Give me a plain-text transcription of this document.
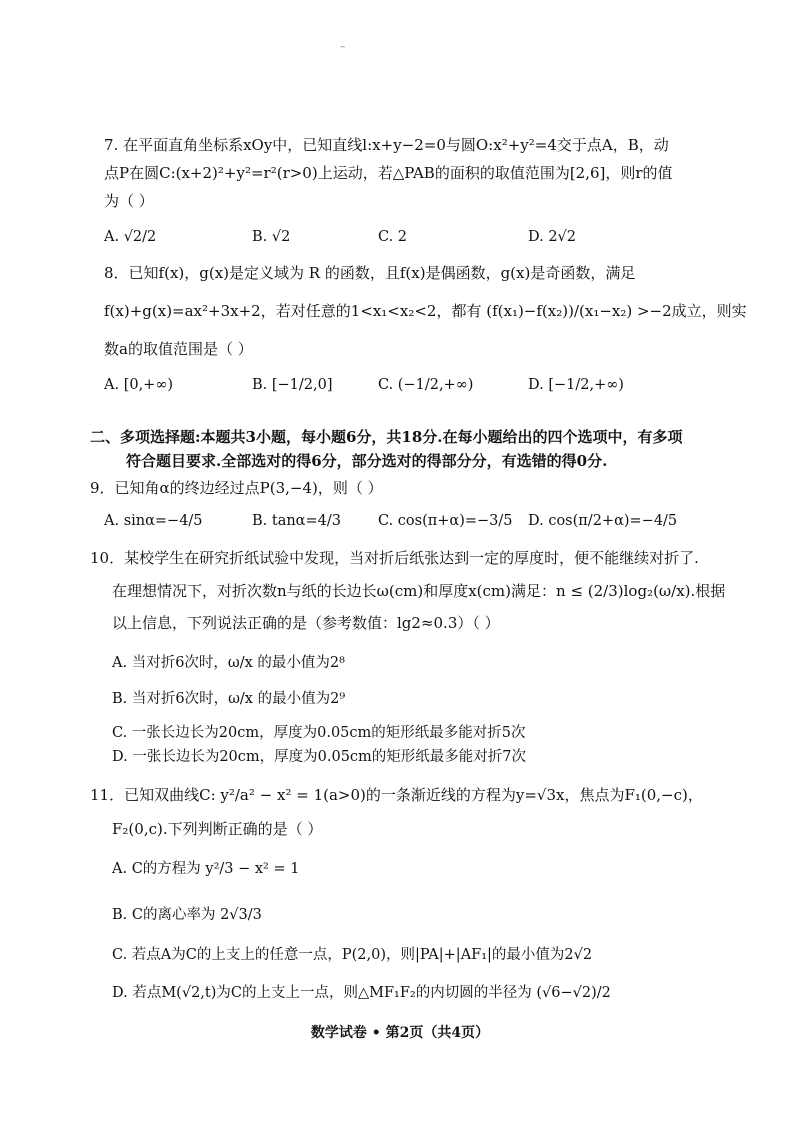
–
7. 在平面直角坐标系xOy中，已知直线l:x+y−2=0与圆O:x²+y²=4交于点A，B，动
点P在圆C:(x+2)²+y²=r²(r>0)上运动，若△PAB的面积的取值范围为[2,6]，则r的值
为（ ）
A. √2/2	B. √2	C. 2	D. 2√2
8．已知f(x)，g(x)是定义域为 R 的函数，且f(x)是偶函数，g(x)是奇函数，满足
f(x)+g(x)=ax²+3x+2，若对任意的1<x₁<x₂<2，都有 (f(x₁)−f(x₂))/(x₁−x₂) >−2成立，则实
数a的取值范围是（ ）
A. [0,+∞)	B. [−1/2,0]	C. (−1/2,+∞)	D. [−1/2,+∞)
二、多项选择题:本题共3小题，每小题6分，共18分.在每小题给出的四个选项中，有多项
符合题目要求.全部选对的得6分，部分选对的得部分分，有选错的得0分.
9．已知角α的终边经过点P(3,−4)，则（ ）
A. sinα=−4/5	B. tanα=4/3	C. cos(π+α)=−3/5 D. cos(π/2+α)=−4/5
10．某校学生在研究折纸试验中发现，当对折后纸张达到一定的厚度时，便不能继续对折了.
在理想情况下，对折次数n与纸的长边长ω(cm)和厚度x(cm)满足：n ≤ (2/3)log₂(ω/x).根据
以上信息，下列说法正确的是（参考数值：lg2≈0.3）（ ）
A. 当对折6次时，ω/x 的最小值为2⁸
B. 当对折6次时，ω/x 的最小值为2⁹
C. 一张长边长为20cm，厚度为0.05cm的矩形纸最多能对折5次
D. 一张长边长为20cm，厚度为0.05cm的矩形纸最多能对折7次
11．已知双曲线C: y²/a² − x² = 1(a>0)的一条渐近线的方程为y=√3x，焦点为F₁(0,−c)，
F₂(0,c).下列判断正确的是（ ）
A. C的方程为 y²/3 − x² = 1
B. C的离心率为 2√3/3
C. 若点A为C的上支上的任意一点，P(2,0)，则|PA|+|AF₁|的最小值为2√2
D. 若点M(√2,t)为C的上支上一点，则△MF₁F₂的内切圆的半径为 (√6−√2)/2
数学试卷 • 第2页（共4页）
